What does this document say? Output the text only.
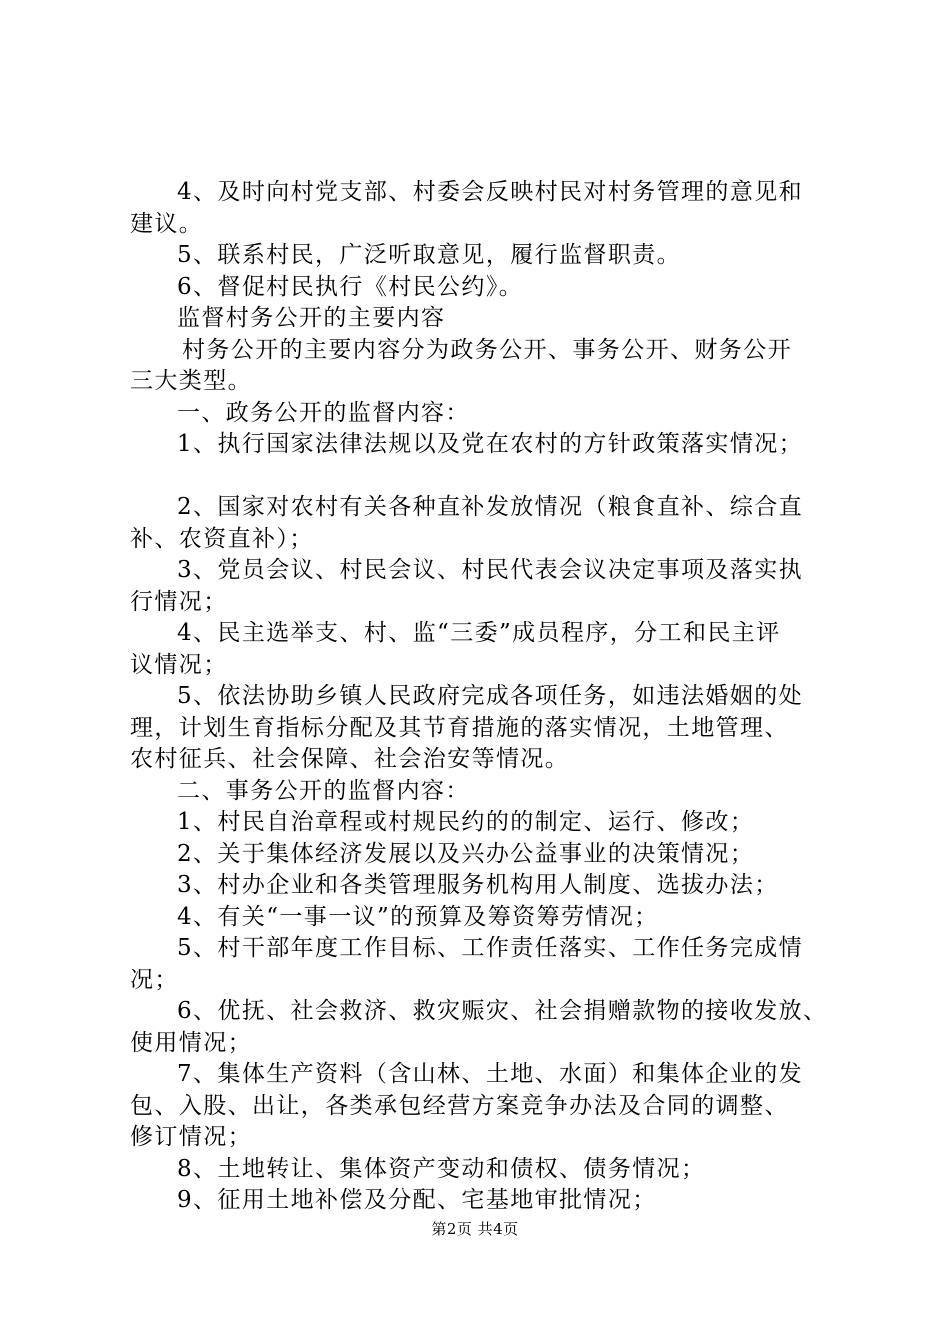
4、及时向村党支部、村委会反映村民对村务管理的意见和
建议。
5、联系村民，广泛听取意见，履行监督职责。
6、督促村民执行《村民公约》。
监督村务公开的主要内容
村务公开的主要内容分为政务公开、事务公开、财务公开
三大类型。
一、政务公开的监督内容：
1、执行国家法律法规以及党在农村的方针政策落实情况；
2、国家对农村有关各种直补发放情况（粮食直补、综合直
补、农资直补）；
3、党员会议、村民会议、村民代表会议决定事项及落实执
行情况；
4、民主选举支、村、监“三委”成员程序，分工和民主评
议情况；
5、依法协助乡镇人民政府完成各项任务，如违法婚姻的处
理，计划生育指标分配及其节育措施的落实情况，土地管理、
农村征兵、社会保障、社会治安等情况。
二、事务公开的监督内容：
1、村民自治章程或村规民约的的制定、运行、修改；
2、关于集体经济发展以及兴办公益事业的决策情况；
3、村办企业和各类管理服务机构用人制度、选拔办法；
4、有关“一事一议”的预算及筹资筹劳情况；
5、村干部年度工作目标、工作责任落实、工作任务完成情
况；
6、优抚、社会救济、救灾赈灾、社会捐赠款物的接收发放、
使用情况；
7、集体生产资料（含山林、土地、水面）和集体企业的发
包、入股、出让，各类承包经营方案竞争办法及合同的调整、
修订情况；
8、土地转让、集体资产变动和债权、债务情况；
9、征用土地补偿及分配、宅基地审批情况；
第2页 共4页
